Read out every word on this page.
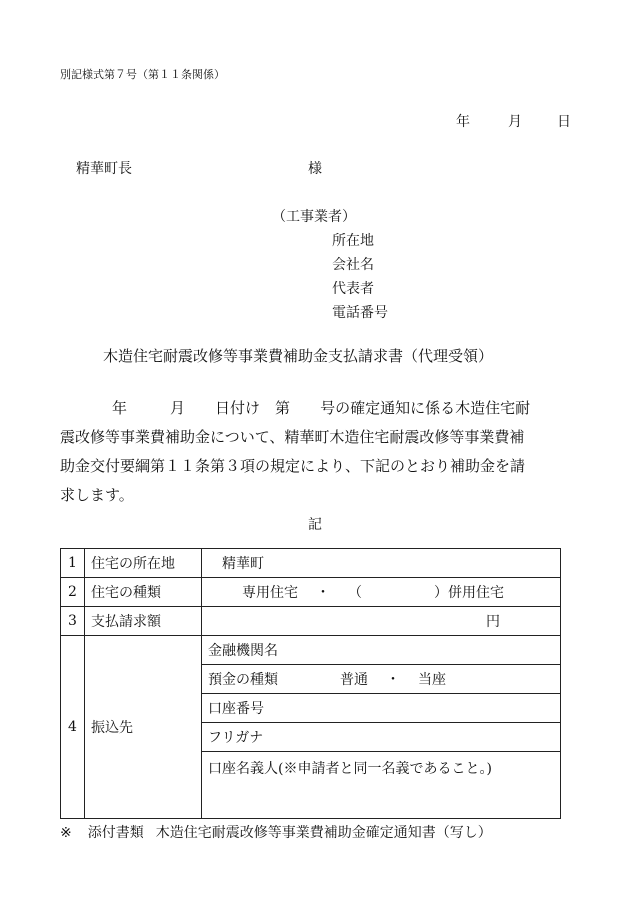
別記様式第７号（第１１条関係）
年	月	日
精華町長	様
（工事業者）
所在地
会社名
代表者
電話番号
木造住宅耐震改修等事業費補助金支払請求書（代理受領）
年	月 日付け 第 号の確定通知に係る木造住宅耐
震改修等事業費補助金について、精華町木造住宅耐震改修等事業費補
助金交付要綱第１１条第３項の規定により、下記のとおり補助金を請
求します。
記
1	住宅の所在地	精華町
2	住宅の種類	専用住宅 ・ （ ）併用住宅
3	支払請求額	円
4	振込先	金融機関名
		預金の種類 普通 ・ 当座
		口座番号
		フリガナ
		口座名義人(※申請者と同一名義であること。)
※ 添付書類 木造住宅耐震改修等事業費補助金確定通知書（写し）
